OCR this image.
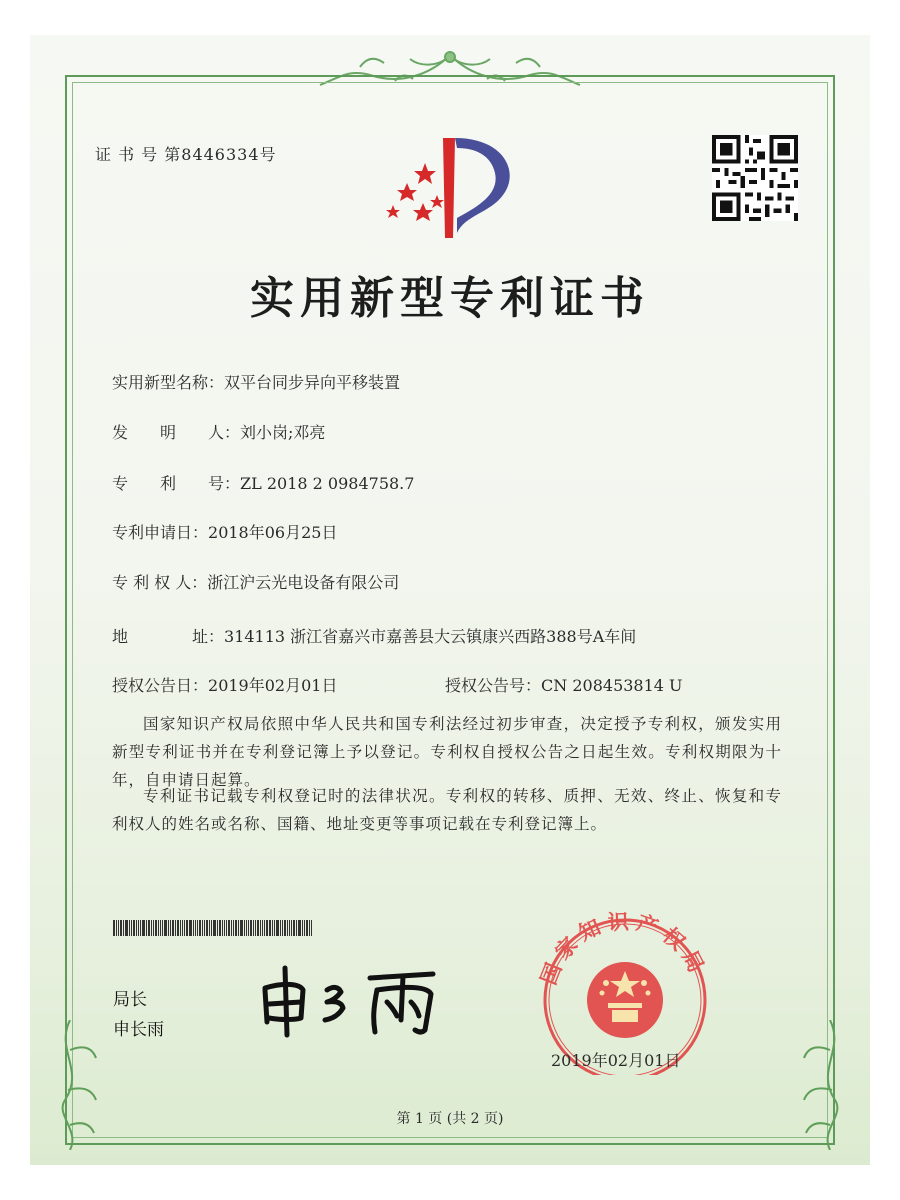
证 书 号 第8446334号
实用新型专利证书
实用新型名称：双平台同步异向平移装置
发　　明　　人：刘小岗;邓亮
专　　利　　号：ZL 2018 2 0984758.7
专利申请日：2018年06月25日
专 利 权 人：浙江沪云光电设备有限公司
地　　　　址：314113 浙江省嘉兴市嘉善县大云镇康兴西路388号A车间
授权公告日：2019年02月01日	授权公告号：CN 208453814 U
国家知识产权局依照中华人民共和国专利法经过初步审查，决定授予专利权，颁发实用新型专利证书并在专利登记簿上予以登记。专利权自授权公告之日起生效。专利权期限为十年，自申请日起算。
专利证书记载专利权登记时的法律状况。专利权的转移、质押、无效、终止、恢复和专利权人的姓名或名称、国籍、地址变更等事项记载在专利登记簿上。
局长
申长雨
国家知识产权局
2019年02月01日
第 1 页 (共 2 页)
